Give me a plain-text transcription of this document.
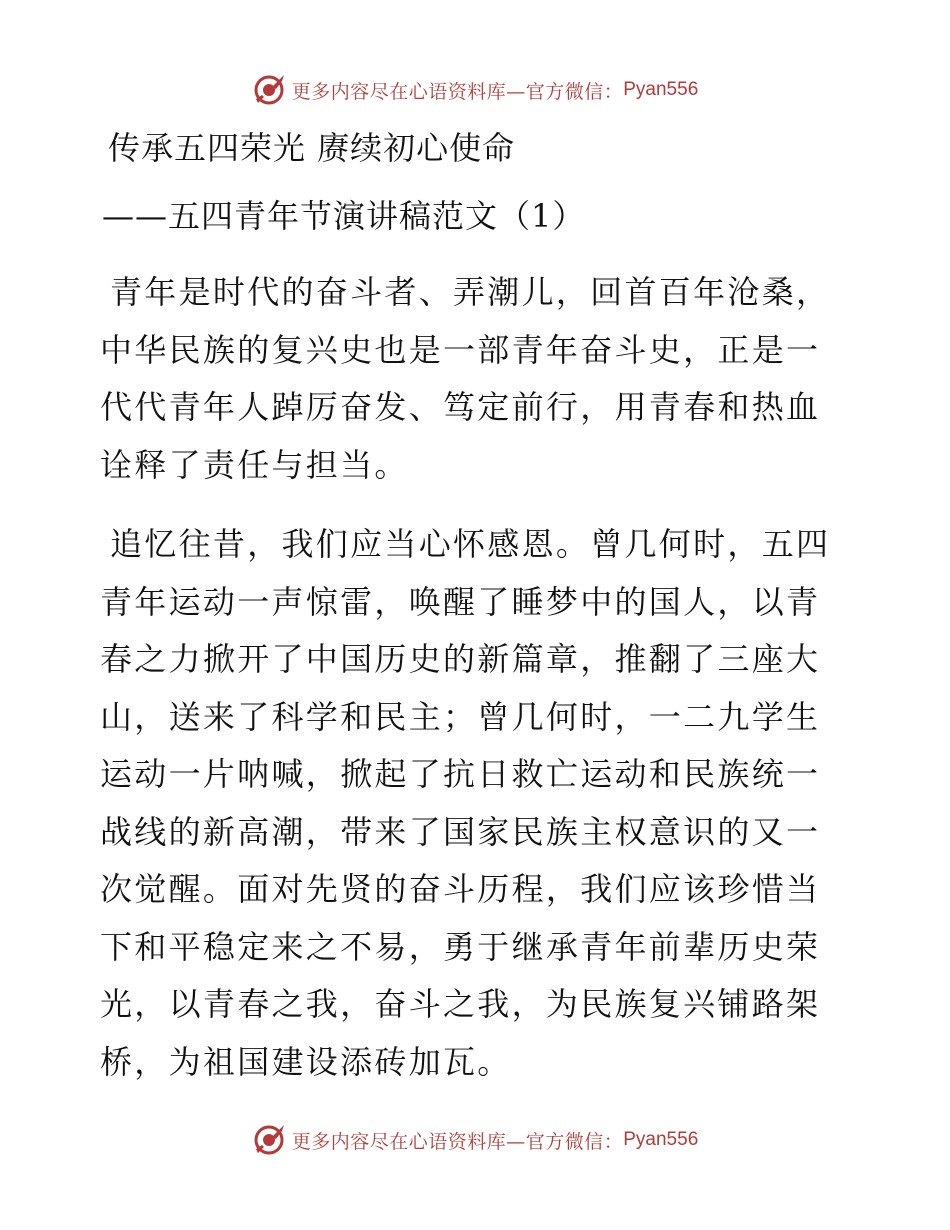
更多内容尽在心语资料库—官方微信： Pyan556

传承五四荣光 赓续初心使命

——五四青年节演讲稿范文（1）

青年是时代的奋斗者、弄潮儿，回首百年沧桑，中华民族的复兴史也是一部青年奋斗史，正是一代代青年人踔厉奋发、笃定前行，用青春和热血诠释了责任与担当。

追忆往昔，我们应当心怀感恩。曾几何时，五四青年运动一声惊雷，唤醒了睡梦中的国人，以青春之力掀开了中国历史的新篇章，推翻了三座大山，送来了科学和民主；曾几何时，一二九学生运动一片呐喊，掀起了抗日救亡运动和民族统一战线的新高潮，带来了国家民族主权意识的又一次觉醒。面对先贤的奋斗历程，我们应该珍惜当下和平稳定来之不易，勇于继承青年前辈历史荣光，以青春之我，奋斗之我，为民族复兴铺路架桥，为祖国建设添砖加瓦。

更多内容尽在心语资料库—官方微信： Pyan556
